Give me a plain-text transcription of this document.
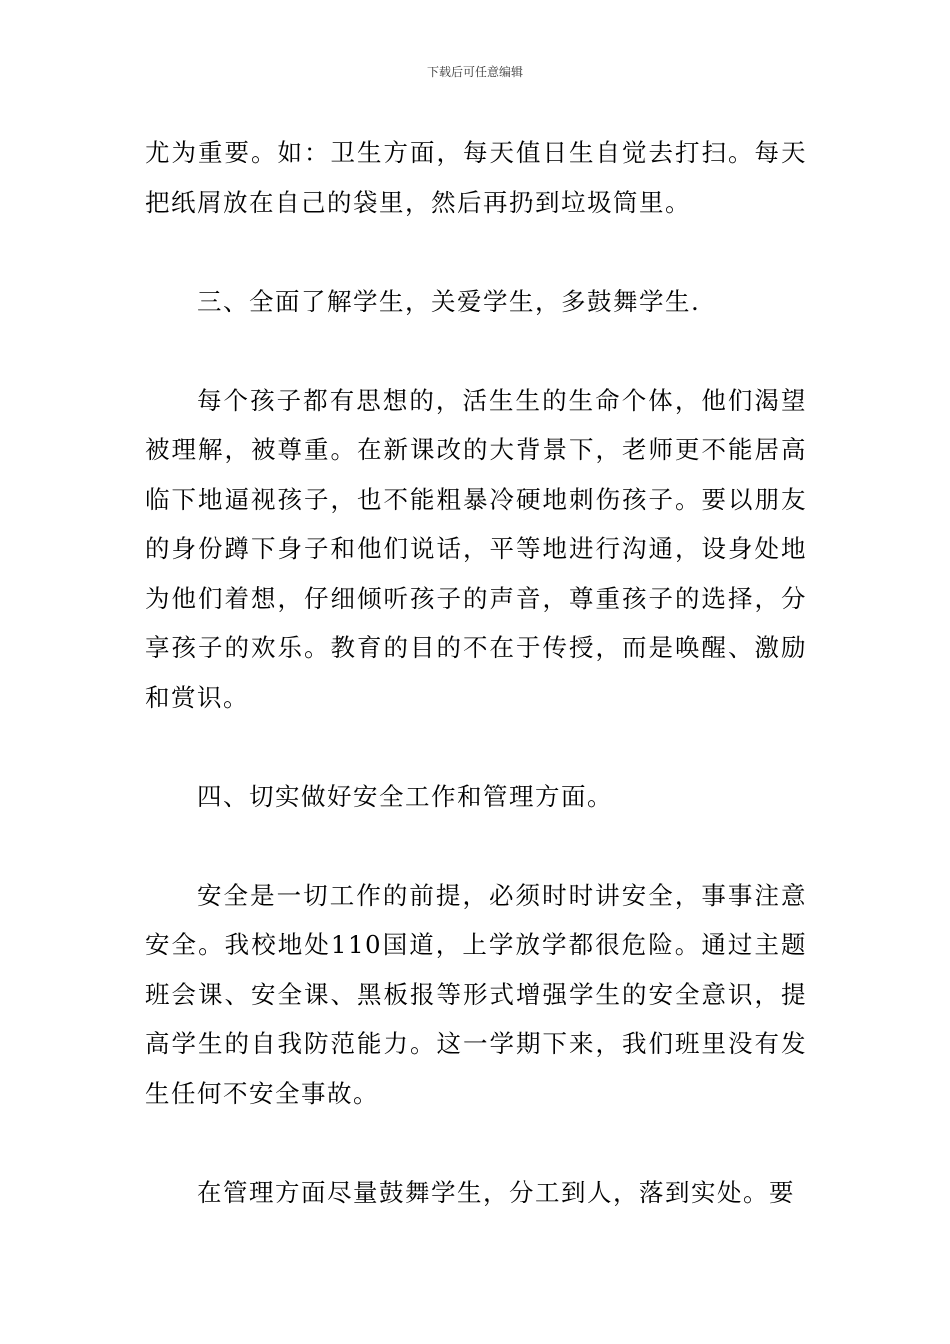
下载后可任意编辑

尤为重要。如：卫生方面，每天值日生自觉去打扫。每天把纸屑放在自己的袋里，然后再扔到垃圾筒里。

三、全面了解学生，关爱学生，多鼓舞学生.

每个孩子都有思想的，活生生的生命个体，他们渴望被理解，被尊重。在新课改的大背景下，老师更不能居高临下地逼视孩子，也不能粗暴冷硬地刺伤孩子。要以朋友的身份蹲下身子和他们说话，平等地进行沟通，设身处地为他们着想，仔细倾听孩子的声音，尊重孩子的选择，分享孩子的欢乐。教育的目的不在于传授，而是唤醒、激励和赏识。

四、切实做好安全工作和管理方面。

安全是一切工作的前提，必须时时讲安全，事事注意安全。我校地处110国道，上学放学都很危险。通过主题班会课、安全课、黑板报等形式增强学生的安全意识，提高学生的自我防范能力。这一学期下来，我们班里没有发生任何不安全事故。

在管理方面尽量鼓舞学生，分工到人，落到实处。要
